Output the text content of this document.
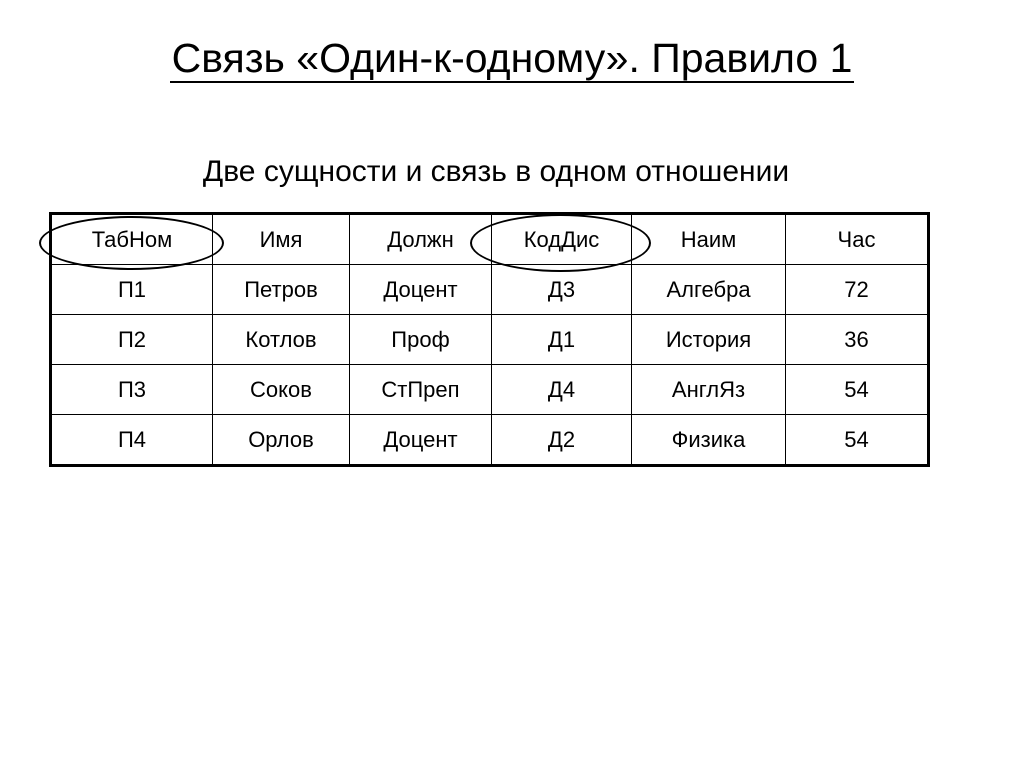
Связь «Один-к-одному». Правило 1
Две сущности и связь в одном отношении
ТабНом	Имя	Должн	КодДис	Наим	Час
П1	Петров	Доцент	Д3	Алгебра	72
П2	Котлов	Проф	Д1	История	36
П3	Соков	СтПреп	Д4	АнглЯз	54
П4	Орлов	Доцент	Д2	Физика	54
